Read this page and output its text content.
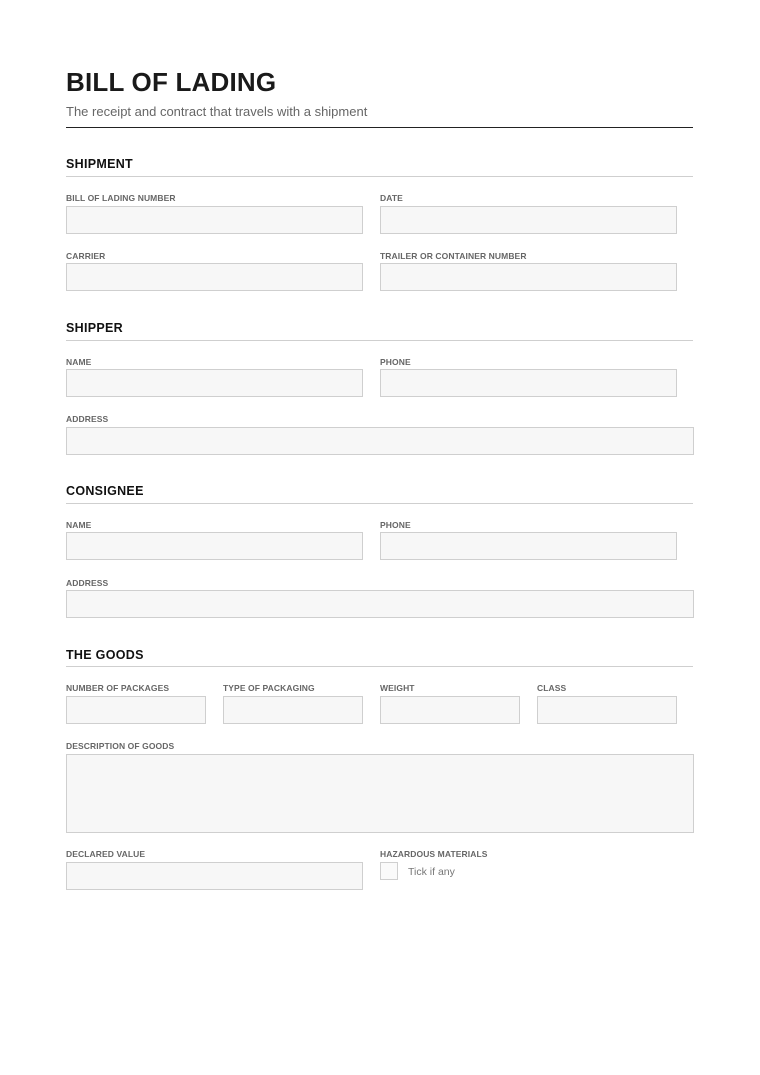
BILL OF LADING
The receipt and contract that travels with a shipment
SHIPMENT
BILL OF LADING NUMBER	DATE
CARRIER	TRAILER OR CONTAINER NUMBER
SHIPPER
NAME	PHONE
ADDRESS
CONSIGNEE
NAME	PHONE
ADDRESS
THE GOODS
NUMBER OF PACKAGES	TYPE OF PACKAGING	WEIGHT	CLASS
DESCRIPTION OF GOODS
DECLARED VALUE	HAZARDOUS MATERIALS
Tick if any
